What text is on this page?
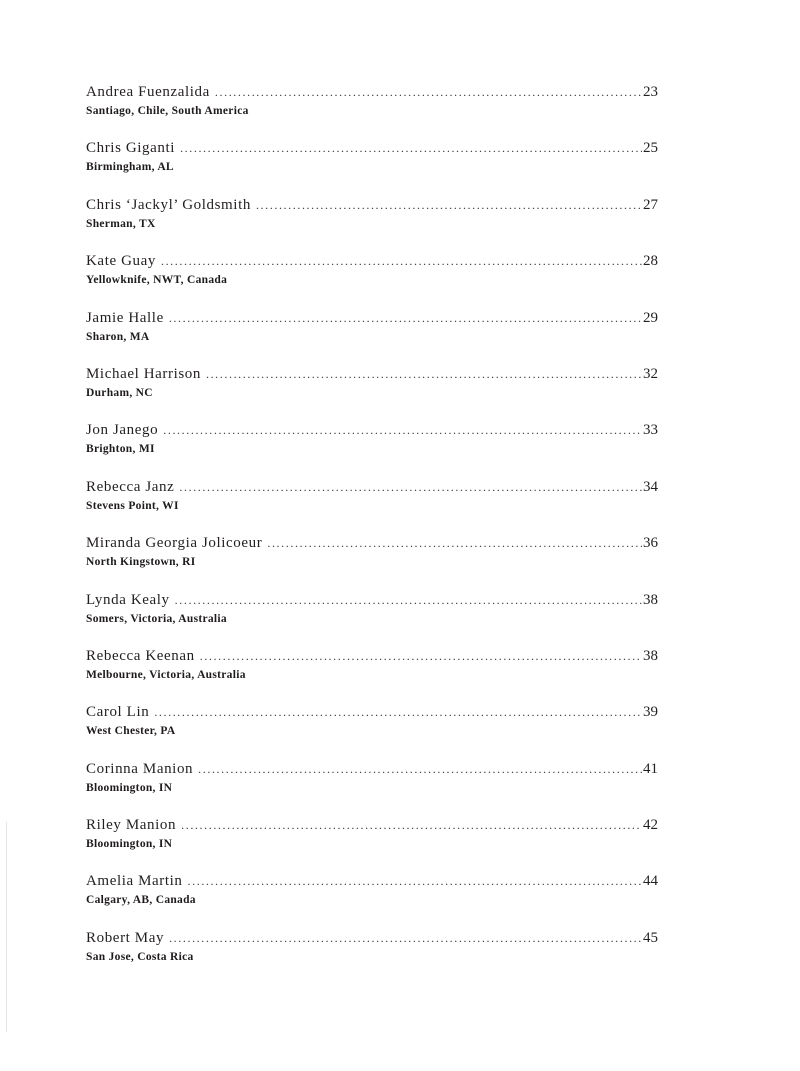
Andrea Fuenzalida .....	23
Santiago, Chile, South America
Chris Giganti .....	25
Birmingham, AL
Chris ‘Jackyl’ Goldsmith .....	27
Sherman, TX
Kate Guay .....	28
Yellowknife, NWT, Canada
Jamie Halle .....	29
Sharon, MA
Michael Harrison .....	32
Durham, NC
Jon Janego .....	33
Brighton, MI
Rebecca Janz .....	34
Stevens Point, WI
Miranda Georgia Jolicoeur .....	36
North Kingstown, RI
Lynda Kealy .....	38
Somers, Victoria, Australia
Rebecca Keenan .....	38
Melbourne, Victoria, Australia
Carol Lin .....	39
West Chester, PA
Corinna Manion .....	41
Bloomington, IN
Riley Manion .....	42
Bloomington, IN
Amelia Martin .....	44
Calgary, AB, Canada
Robert May .....	45
San Jose, Costa Rica
